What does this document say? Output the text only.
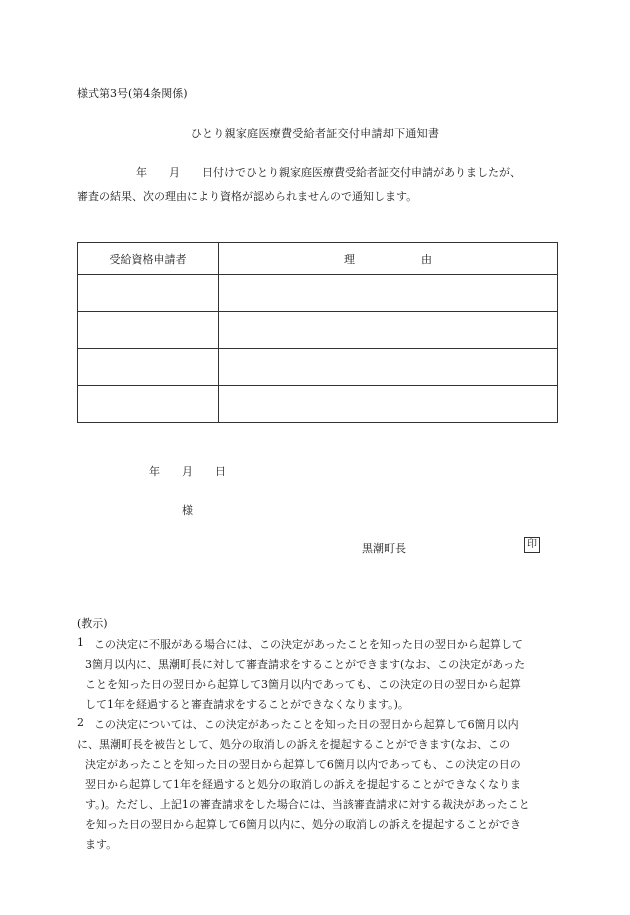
様式第3号(第4条関係)
ひとり親家庭医療費受給者証交付申請却下通知書
年　　月　　日付けでひとり親家庭医療費受給者証交付申請がありましたが、
審査の結果、次の理由により資格が認められませんので通知します。
受給資格申請者	理　　　　　　由

年　　月　　日
様
黒潮町長	印
(教示)
1 この決定に不服がある場合には、この決定があったことを知った日の翌日から起算して
3箇月以内に、黒潮町長に対して審査請求をすることができます(なお、この決定があった
ことを知った日の翌日から起算して3箇月以内であっても、この決定の日の翌日から起算
して1年を経過すると審査請求をすることができなくなります。)。
2 この決定については、この決定があったことを知った日の翌日から起算して6箇月以内
に、黒潮町長を被告として、処分の取消しの訴えを提起することができます(なお、この
決定があったことを知った日の翌日から起算して6箇月以内であっても、この決定の日の
翌日から起算して1年を経過すると処分の取消しの訴えを提起することができなくなりま
す。)。ただし、上記1の審査請求をした場合には、当該審査請求に対する裁決があったこと
を知った日の翌日から起算して6箇月以内に、処分の取消しの訴えを提起することができ
ます。
